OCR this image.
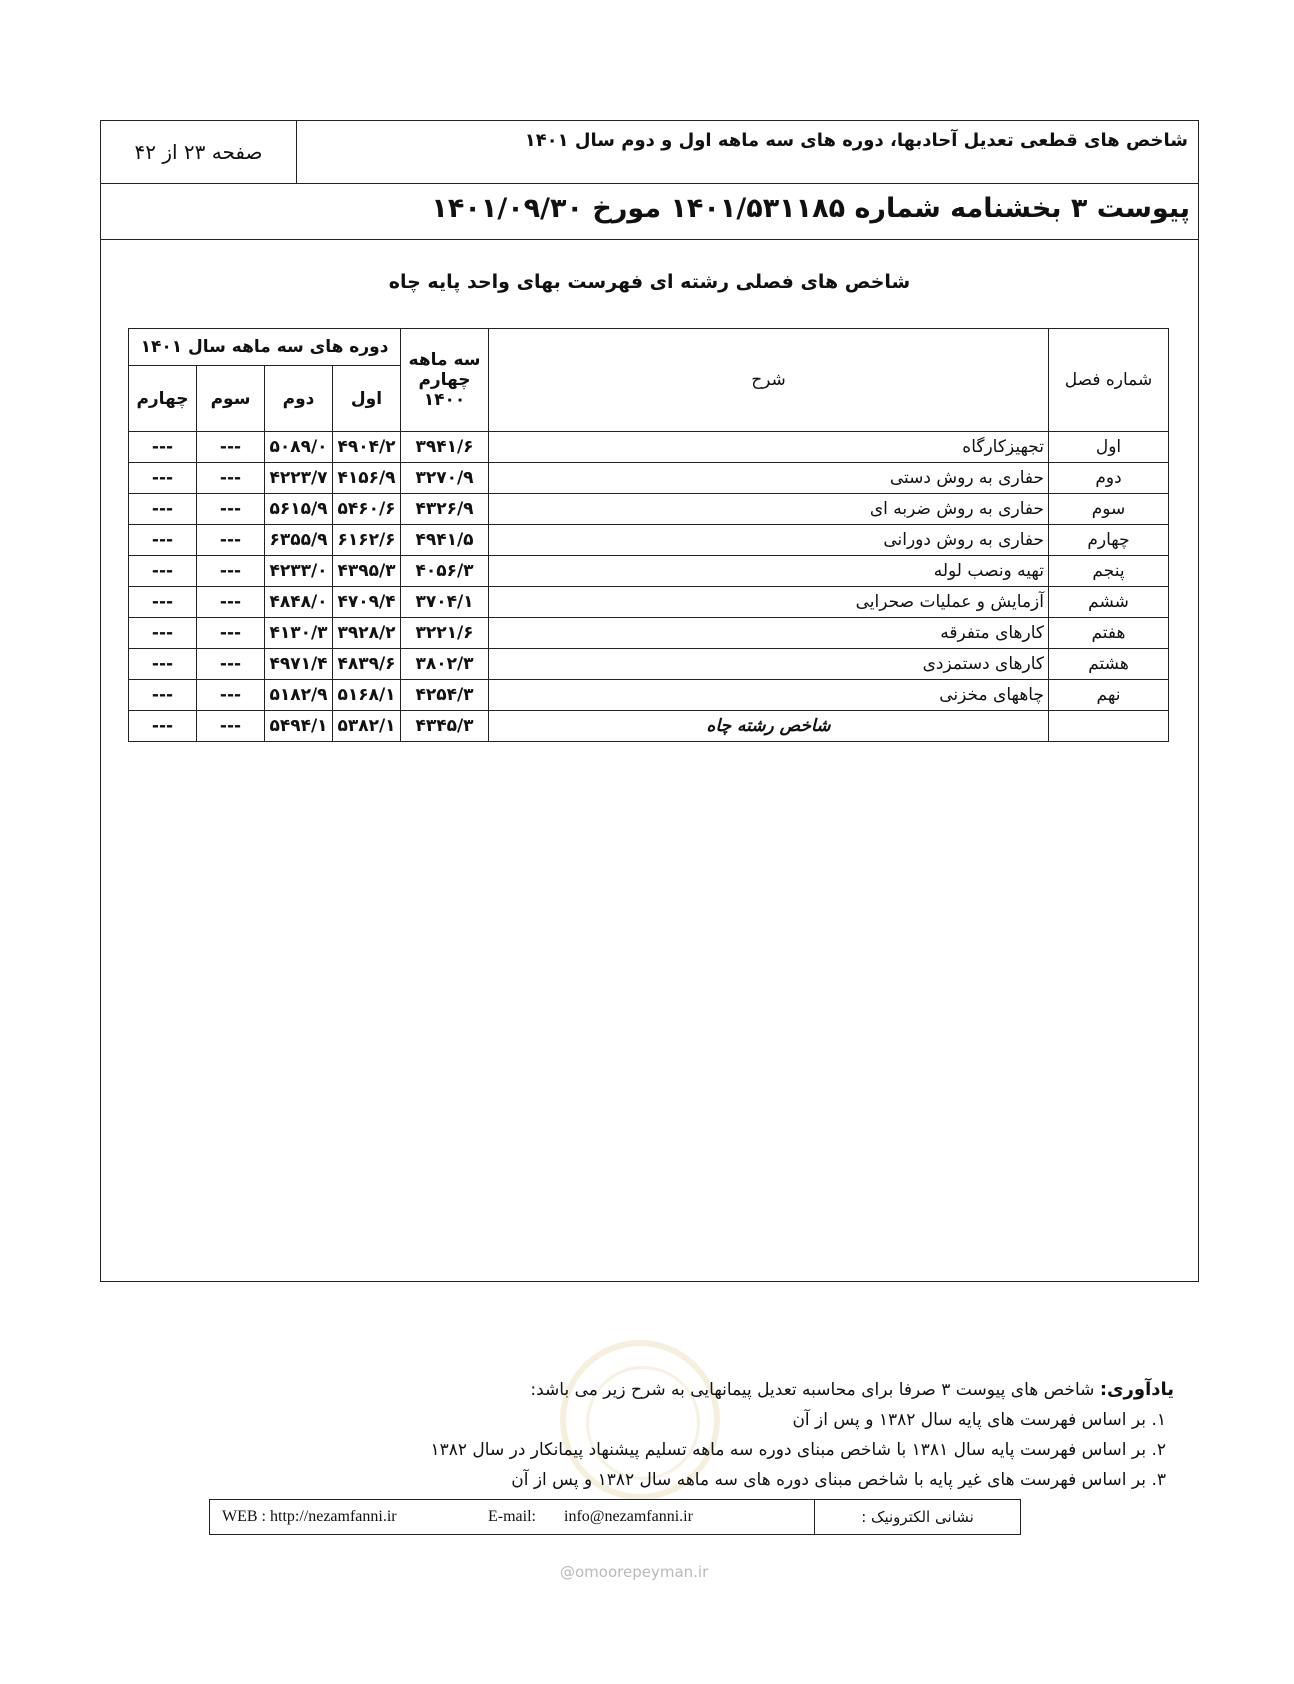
شاخص های قطعی تعدیل آحادبها، دوره های سه ماهه اول و دوم سال ۱۴۰۱
صفحه ۲۳ از ۴۲
پیوست ۳ بخشنامه شماره ۱۴۰۱/۵۳۱۱۸۵ مورخ ۱۴۰۱/۰۹/۳۰
شاخص های فصلی رشته ای فهرست بهای واحد پایه چاه
شماره فصل	شرح	سه ماهه چهارم ۱۴۰۰	دوره های سه ماهه سال ۱۴۰۱			
			اول	دوم	سوم	چهارم
اول	تجهیزکارگاه	۳۹۴۱/۶	۴۹۰۴/۲	۵۰۸۹/۰	---	---
دوم	حفاری به روش دستی	۳۲۷۰/۹	۴۱۵۶/۹	۴۲۲۳/۷	---	---
سوم	حفاری به روش ضربه ای	۴۳۲۶/۹	۵۴۶۰/۶	۵۶۱۵/۹	---	---
چهارم	حفاری به روش دورانی	۴۹۴۱/۵	۶۱۶۲/۶	۶۳۵۵/۹	---	---
پنجم	تهیه ونصب لوله	۴۰۵۶/۳	۴۳۹۵/۳	۴۲۳۳/۰	---	---
ششم	آزمایش و عملیات صحرایی	۳۷۰۴/۱	۴۷۰۹/۴	۴۸۴۸/۰	---	---
هفتم	کارهای متفرقه	۳۲۲۱/۶	۳۹۲۸/۲	۴۱۳۰/۳	---	---
هشتم	کارهای دستمزدی	۳۸۰۲/۳	۴۸۳۹/۶	۴۹۷۱/۴	---	---
نهم	چاههای مخزنی	۴۲۵۴/۳	۵۱۶۸/۱	۵۱۸۲/۹	---	---
	شاخص رشته چاه	۴۳۴۵/۳	۵۳۸۲/۱	۵۴۹۴/۱	---	---
یادآوری: شاخص های پیوست ۳ صرفا برای محاسبه تعدیل پیمانهایی به شرح زیر می باشد:
۱. بر اساس فهرست های پایه سال ۱۳۸۲ و پس از آن
۲. بر اساس فهرست پایه سال ۱۳۸۱ با شاخص مبنای دوره سه ماهه تسلیم پیشنهاد پیمانکار در سال ۱۳۸۲
۳. بر اساس فهرست های غیر پایه با شاخص مبنای دوره های سه ماهه سال ۱۳۸۲ و پس از آن
نشانی الکترونیک :
WEB : http://nezamfanni.ir	E-mail: info@nezamfanni.ir
@omoorepeyman.ir
